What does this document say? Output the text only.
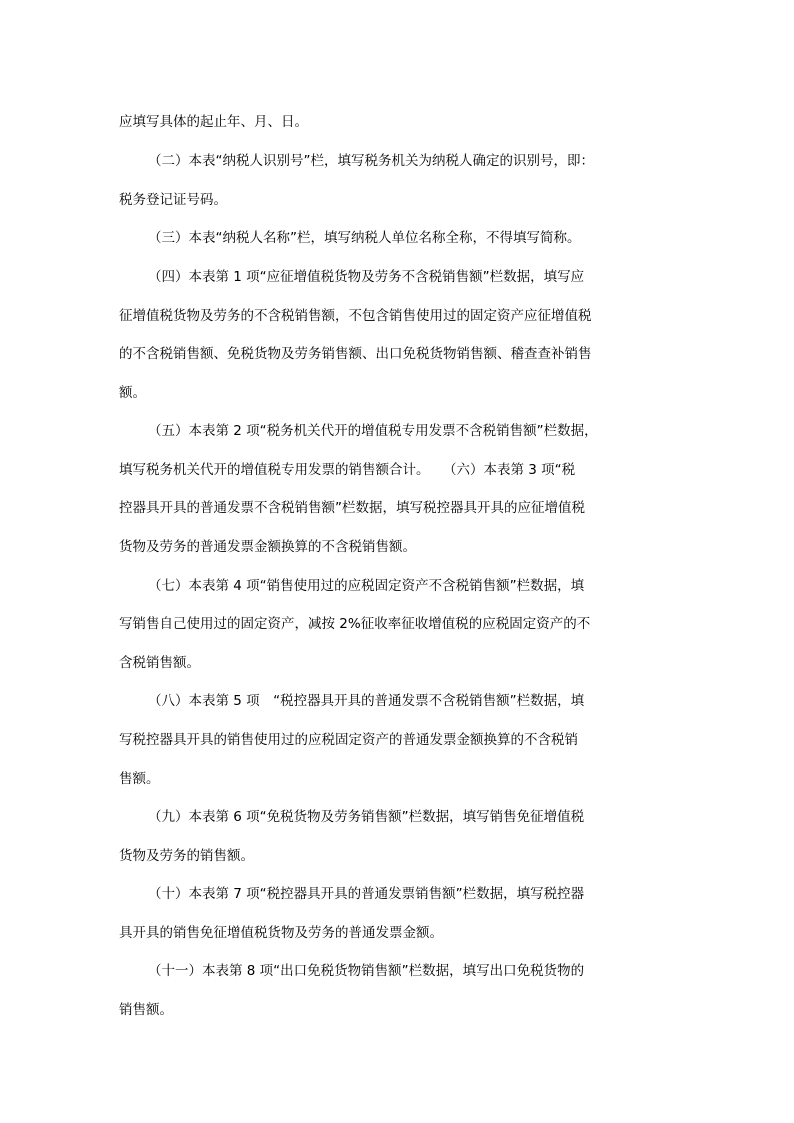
应填写具体的起止年、月、日。
（二）本表“纳税人识别号”栏，填写税务机关为纳税人确定的识别号，即：
税务登记证号码。
（三）本表“纳税人名称”栏，填写纳税人单位名称全称，不得填写简称。
（四）本表第 1 项“应征增值税货物及劳务不含税销售额”栏数据，填写应
征增值税货物及劳务的不含税销售额，不包含销售使用过的固定资产应征增值税
的不含税销售额、免税货物及劳务销售额、出口免税货物销售额、稽查查补销售
额。
（五）本表第 2 项“税务机关代开的增值税专用发票不含税销售额”栏数据，
填写税务机关代开的增值税专用发票的销售额合计。　　（六）本表第 3 项“税
控器具开具的普通发票不含税销售额”栏数据，填写税控器具开具的应征增值税
货物及劳务的普通发票金额换算的不含税销售额。
（七）本表第 4 项“销售使用过的应税固定资产不含税销售额”栏数据，填
写销售自己使用过的固定资产，减按 2%征收率征收增值税的应税固定资产的不
含税销售额。
（八）本表第 5 项　“税控器具开具的普通发票不含税销售额”栏数据，填
写税控器具开具的销售使用过的应税固定资产的普通发票金额换算的不含税销
售额。
（九）本表第 6 项“免税货物及劳务销售额”栏数据，填写销售免征增值税
货物及劳务的销售额。
（十）本表第 7 项“税控器具开具的普通发票销售额”栏数据，填写税控器
具开具的销售免征增值税货物及劳务的普通发票金额。
（十一）本表第 8 项“出口免税货物销售额”栏数据，填写出口免税货物的
销售额。
